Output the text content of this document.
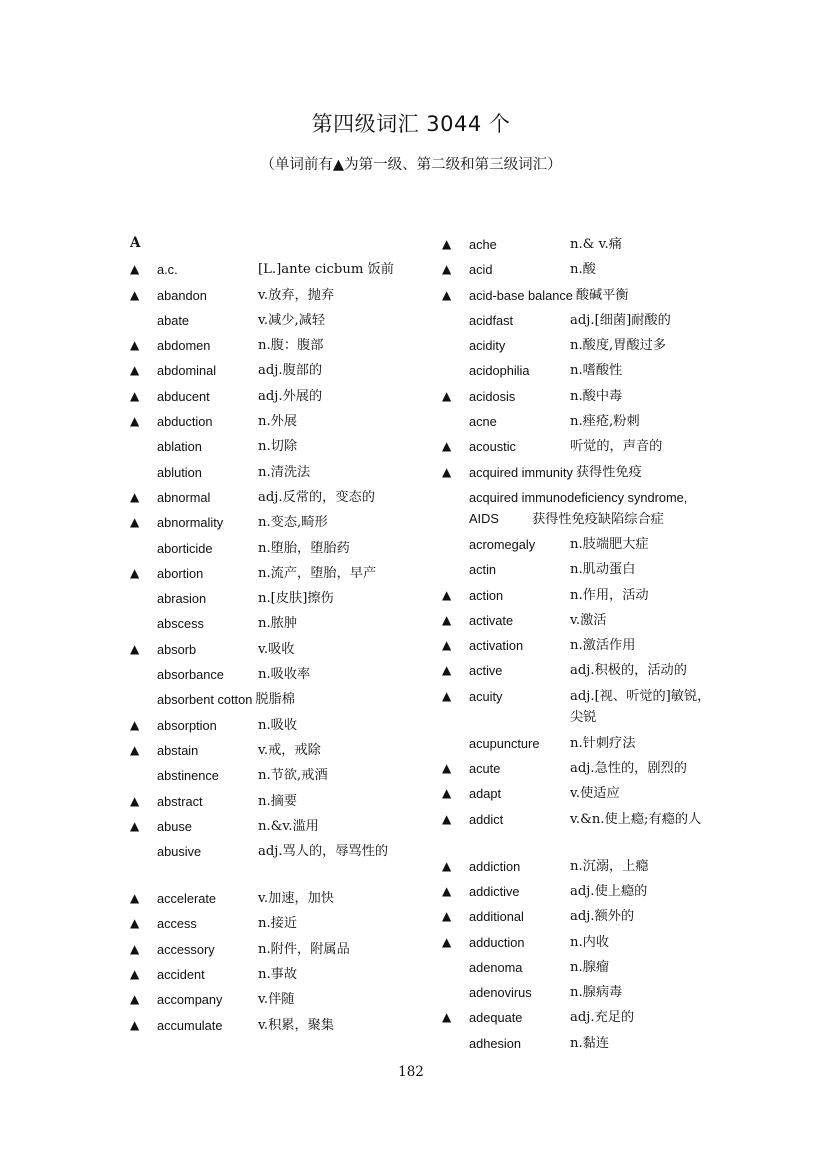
第四级词汇 3044 个
（单词前有▲为第一级、第二级和第三级词汇）
A
▲	a.c.	[L.]ante cicbum 饭前
▲	abandon	v.放弃，抛弃
abate	v.减少,减轻
▲	abdomen	n.腹：腹部
▲	abdominal	adj.腹部的
▲	abducent	adj.外展的
▲	abduction	n.外展
ablation	n.切除
ablution	n.清洗法
▲	abnormal	adj.反常的，变态的
▲	abnormality	n.变态,畸形
aborticide	n.堕胎，堕胎药
▲	abortion	n.流产，堕胎，早产
abrasion	n.[皮肤]擦伤
abscess	n.脓肿
▲	absorb	v.吸收
absorbance	n.吸收率
absorbent cotton 脱脂棉
▲	absorption	n.吸收
▲	abstain	v.戒，戒除
abstinence	n.节欲,戒酒
▲	abstract	n.摘要
▲	abuse	n.&v.滥用
abusive	adj.骂人的，辱骂性的
▲	accelerate	v.加速，加快
▲	access	n.接近
▲	accessory	n.附件，附属品
▲	accident	n.事故
▲	accompany	v.伴随
▲	accumulate	v.积累，聚集
▲	ache	n.& v.痛
▲	acid	n.酸
▲	acid-base balance 酸碱平衡
acidfast	adj.[细菌]耐酸的
acidity	n.酸度,胃酸过多
acidophilia	n.嗜酸性
▲	acidosis	n.酸中毒
acne	n.痤疮,粉刺
▲	acoustic	听觉的，声音的
▲	acquired immunity 获得性免疫
acquired immunodeficiency syndrome,
AIDS	获得性免疫缺陷综合症
acromegaly	n.肢端肥大症
actin	n.肌动蛋白
▲	action	n.作用，活动
▲	activate	v.激活
▲	activation	n.激活作用
▲	active	adj.积极的，活动的
▲	acuity	adj.[视、听觉的]敏锐，尖锐
acupuncture	n.针刺疗法
▲	acute	adj.急性的，剧烈的
▲	adapt	v.使适应
▲	addict	v.&n.使上瘾;有瘾的人
▲	addiction	n.沉溺，上瘾
▲	addictive	adj.使上瘾的
▲	additional	adj.额外的
▲	adduction	n.内收
adenoma	n.腺瘤
adenovirus	n.腺病毒
▲	adequate	adj.充足的
adhesion	n.黏连
182
